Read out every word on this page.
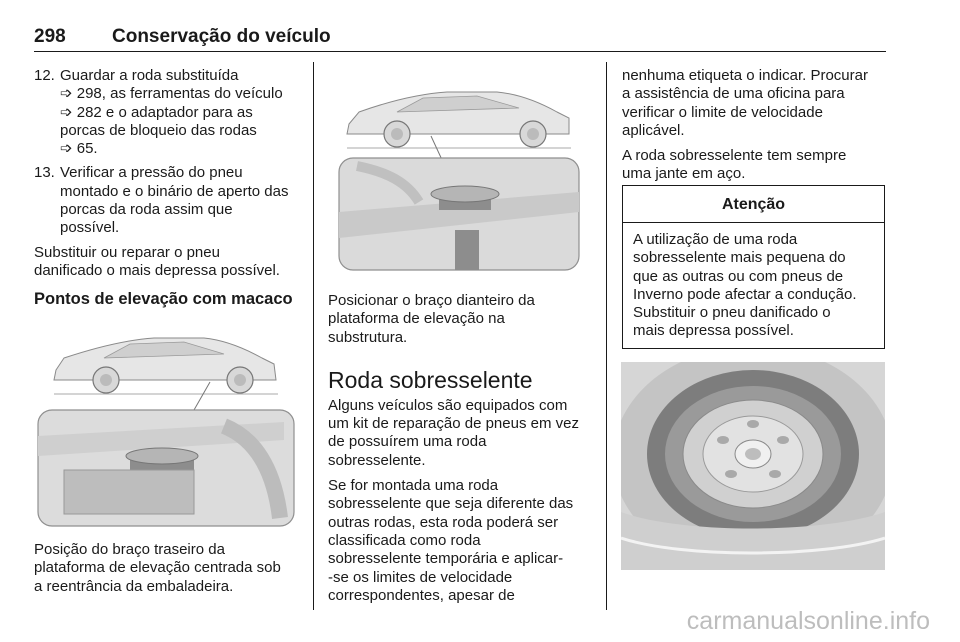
298 Conservação do veículo
12. Guardar a roda substituída

➩ 298, as ferramentas do veículo

➩ 282 e o adaptador para as

porcas de bloqueio das rodas

➩ 65.

13. Verificar a pressão do pneu

montado e o binário de aperto das

porcas da roda assim que

possível.

Substituir ou reparar o pneu
danificado o mais depressa possível.
Pontos de elevação com macaco
Posição do braço traseiro da
plataforma de elevação centrada sob
a reentrância da embaladeira.

Posicionar o braço dianteiro da
plataforma de elevação na
substrutura.

Roda sobresselente

Alguns veículos são equipados com
um kit de reparação de pneus em vez
de possuírem uma roda
sobresselente.

Se for montada uma roda
sobresselente que seja diferente das
outras rodas, esta roda poderá ser
classificada como roda
sobresselente temporária e aplicar-
-se os limites de velocidade
correspondentes, apesar de

nenhuma etiqueta o indicar. Procurar
a assistência de uma oficina para
verificar o limite de velocidade
aplicável.

A roda sobresselente tem sempre
uma jante em aço.

Atenção
A utilização de uma roda
sobresselente mais pequena do
que as outras ou com pneus de
Inverno pode afectar a condução.
Substituir o pneu danificado o
mais depressa possível.
carmanualsonline.info
